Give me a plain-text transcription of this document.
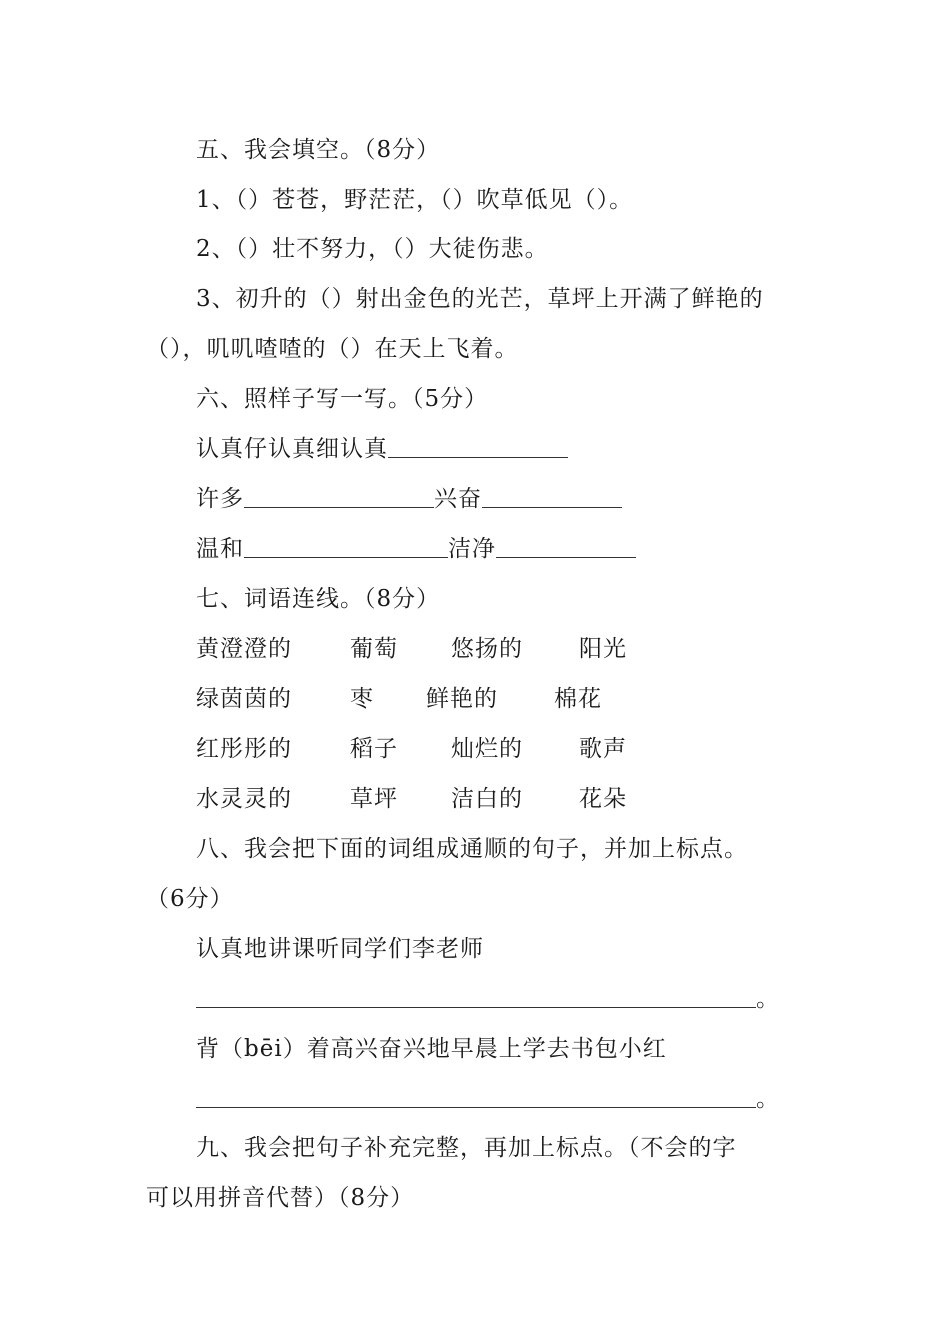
五、我会填空。（8分）
1、（）苍苍，野茫茫，（）吹草低见（）。
2、（）壮不努力，（）大徒伤悲。
3、初升的（）射出金色的光芒，草坪上开满了鲜艳的
（），叽叽喳喳的（）在天上飞着。
六、照样子写一写。（5分）
认真仔认真细认真
许多	兴奋
温和	洁净
七、词语连线。（8分）
黄澄澄的	葡萄 悠扬的 阳光
绿茵茵的	枣 鲜艳的 棉花
红彤彤的	稻子 灿烂的 歌声
水灵灵的	草坪 洁白的 花朵
八、我会把下面的词组成通顺的句子，并加上标点。
（6分）
认真地讲课听同学们李老师
。
背（bēi）着高兴奋兴地早晨上学去书包小红
。
九、我会把句子补充完整，再加上标点。（不会的字
可以用拼音代替）（8分）
